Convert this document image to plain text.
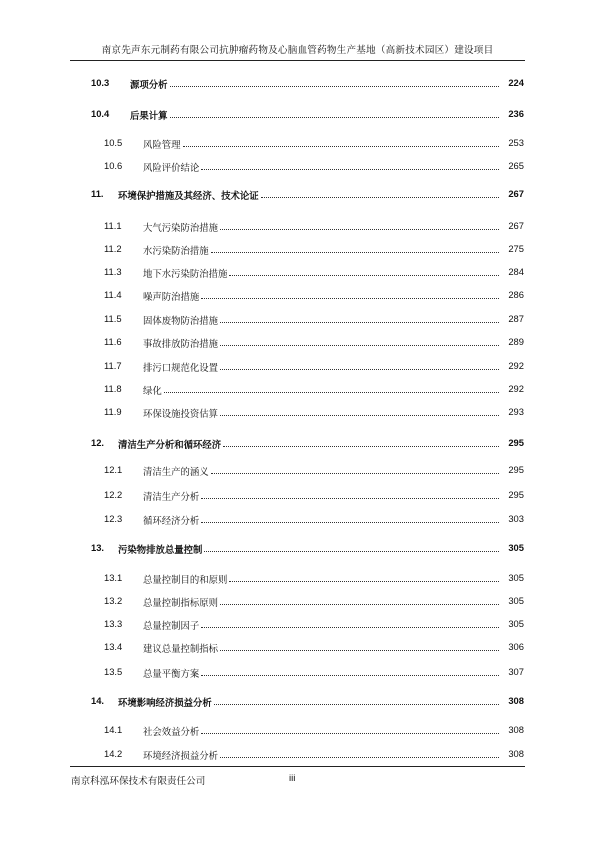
南京先声东元制药有限公司抗肿瘤药物及心脑血管药物生产基地（高新技术园区）建设项目
10.3 源项分析	224
10.4 后果计算	236
10.5 风险管理	253
10.6 风险评价结论	265
11. 环境保护措施及其经济、技术论证	267
11.1 大气污染防治措施	267
11.2 水污染防治措施	275
11.3 地下水污染防治措施	284
11.4 噪声防治措施	286
11.5 固体废物防治措施	287
11.6 事故排放防治措施	289
11.7 排污口规范化设置	292
11.8 绿化	292
11.9 环保设施投资估算	293
12. 清洁生产分析和循环经济	295
12.1 清洁生产的涵义	295
12.2 清洁生产分析	295
12.3 循环经济分析	303
13. 污染物排放总量控制	305
13.1 总量控制目的和原则	305
13.2 总量控制指标原则	305
13.3 总量控制因子	305
13.4 建议总量控制指标	306
13.5 总量平衡方案	307
14. 环境影响经济损益分析	308
14.1 社会效益分析	308
14.2 环境经济损益分析	308
南京科泓环保技术有限责任公司	iii
